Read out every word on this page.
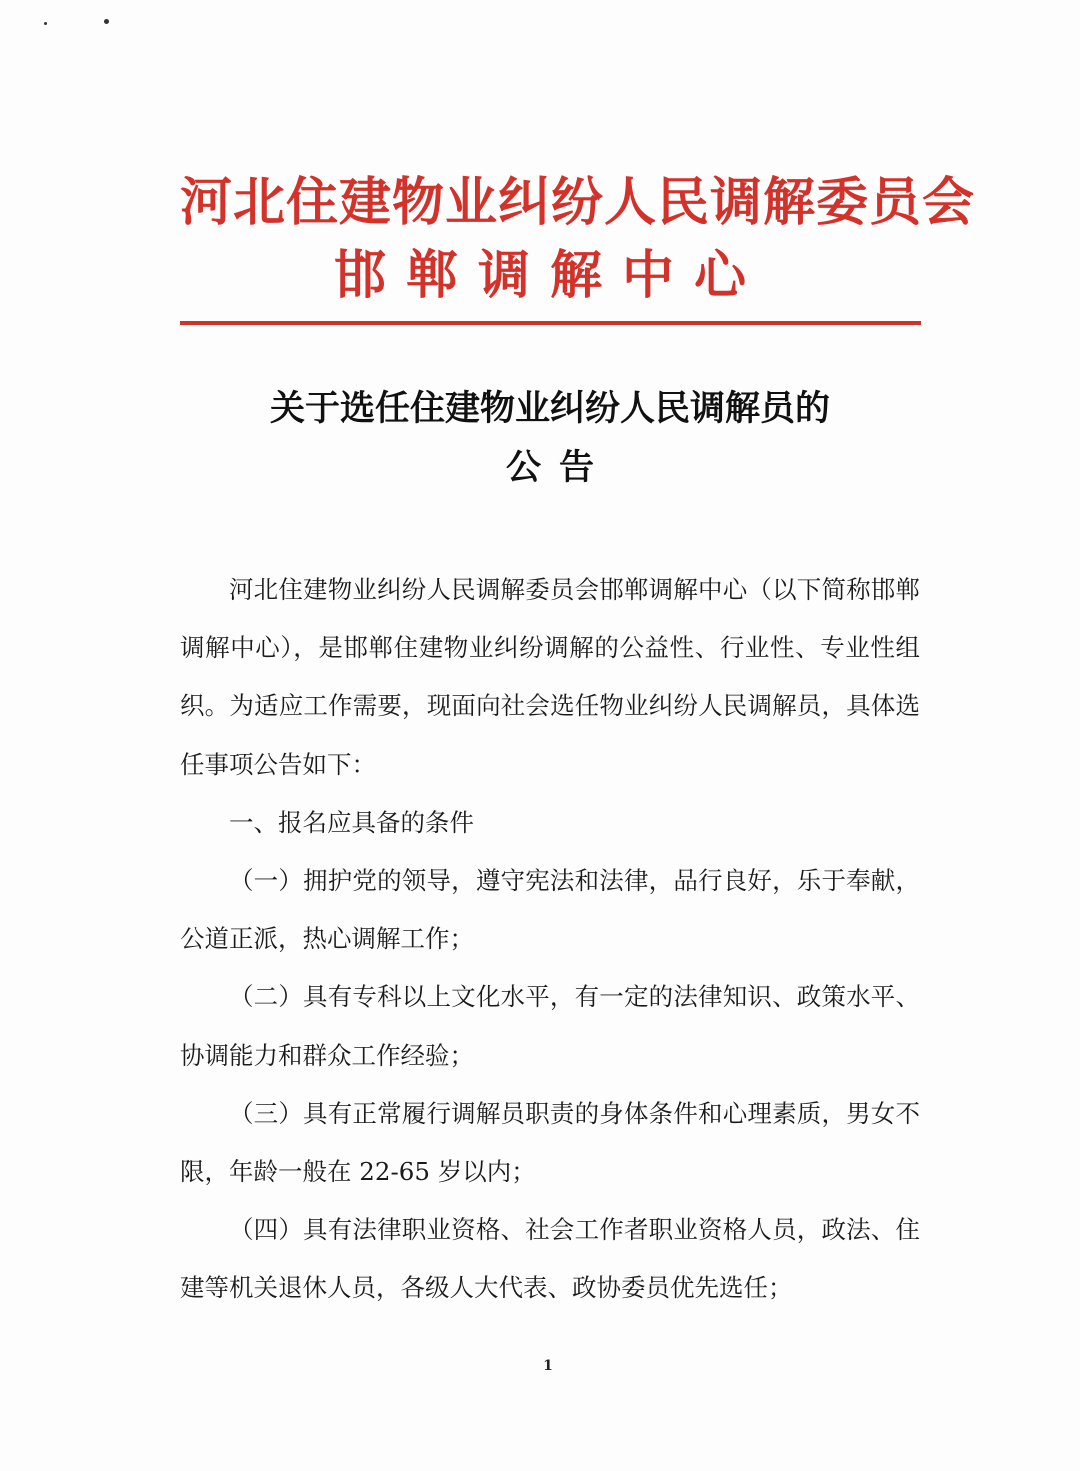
河北住建物业纠纷人民调解委员会
邯郸调解中心
关于选任住建物业纠纷人民调解员的
公告

河北住建物业纠纷人民调解委员会邯郸调解中心（以下简称邯郸调解中心），是邯郸住建物业纠纷调解的公益性、行业性、专业性组织。为适应工作需要，现面向社会选任物业纠纷人民调解员，具体选任事项公告如下：

一、报名应具备的条件

（一）拥护党的领导，遵守宪法和法律，品行良好，乐于奉献，公道正派，热心调解工作；

（二）具有专科以上文化水平，有一定的法律知识、政策水平、协调能力和群众工作经验；

（三）具有正常履行调解员职责的身体条件和心理素质，男女不限，年龄一般在 22-65 岁以内；

（四）具有法律职业资格、社会工作者职业资格人员，政法、住建等机关退休人员，各级人大代表、政协委员优先选任；

1
